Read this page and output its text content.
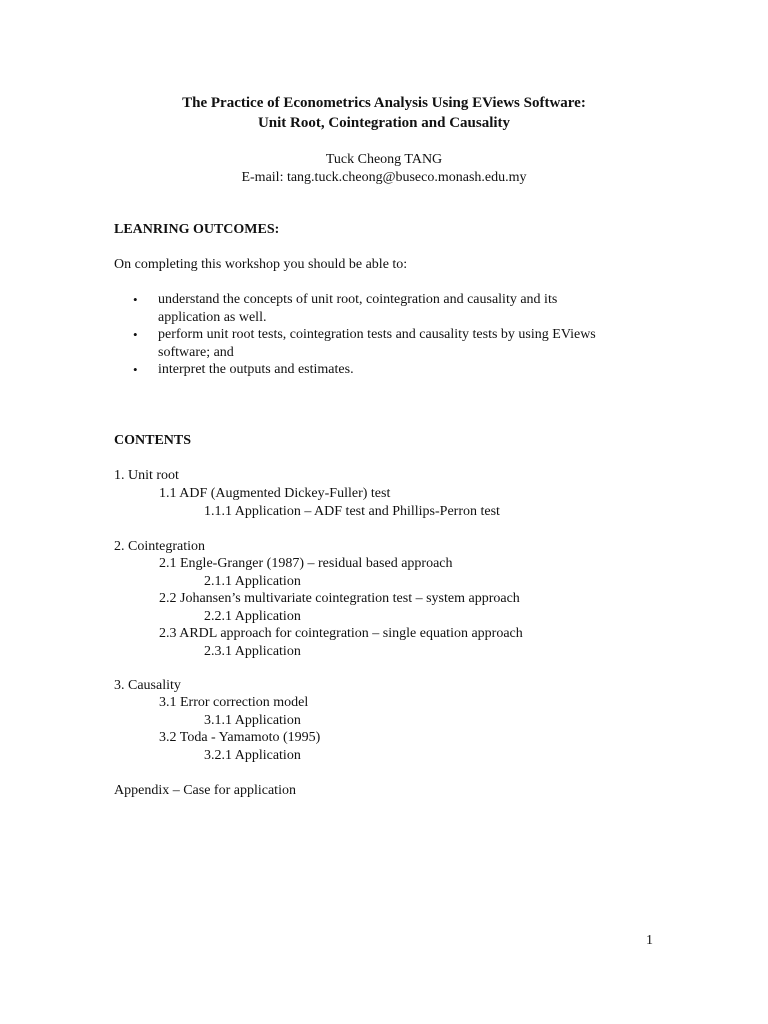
The Practice of Econometrics Analysis Using EViews Software:
Unit Root, Cointegration and Causality
Tuck Cheong TANG
E-mail: tang.tuck.cheong@buseco.monash.edu.my
LEANRING OUTCOMES:
On completing this workshop you should be able to:
• understand the concepts of unit root, cointegration and causality and its
application as well.
• perform unit root tests, cointegration tests and causality tests by using EViews
software; and
• interpret the outputs and estimates.
CONTENTS
1. Unit root
1.1 ADF (Augmented Dickey-Fuller) test
1.1.1 Application – ADF test and Phillips-Perron test
2. Cointegration
2.1 Engle-Granger (1987) – residual based approach
2.1.1 Application
2.2 Johansen’s multivariate cointegration test – system approach
2.2.1 Application
2.3 ARDL approach for cointegration – single equation approach
2.3.1 Application
3. Causality
3.1 Error correction model
3.1.1 Application
3.2 Toda - Yamamoto (1995)
3.2.1 Application
Appendix – Case for application
1
